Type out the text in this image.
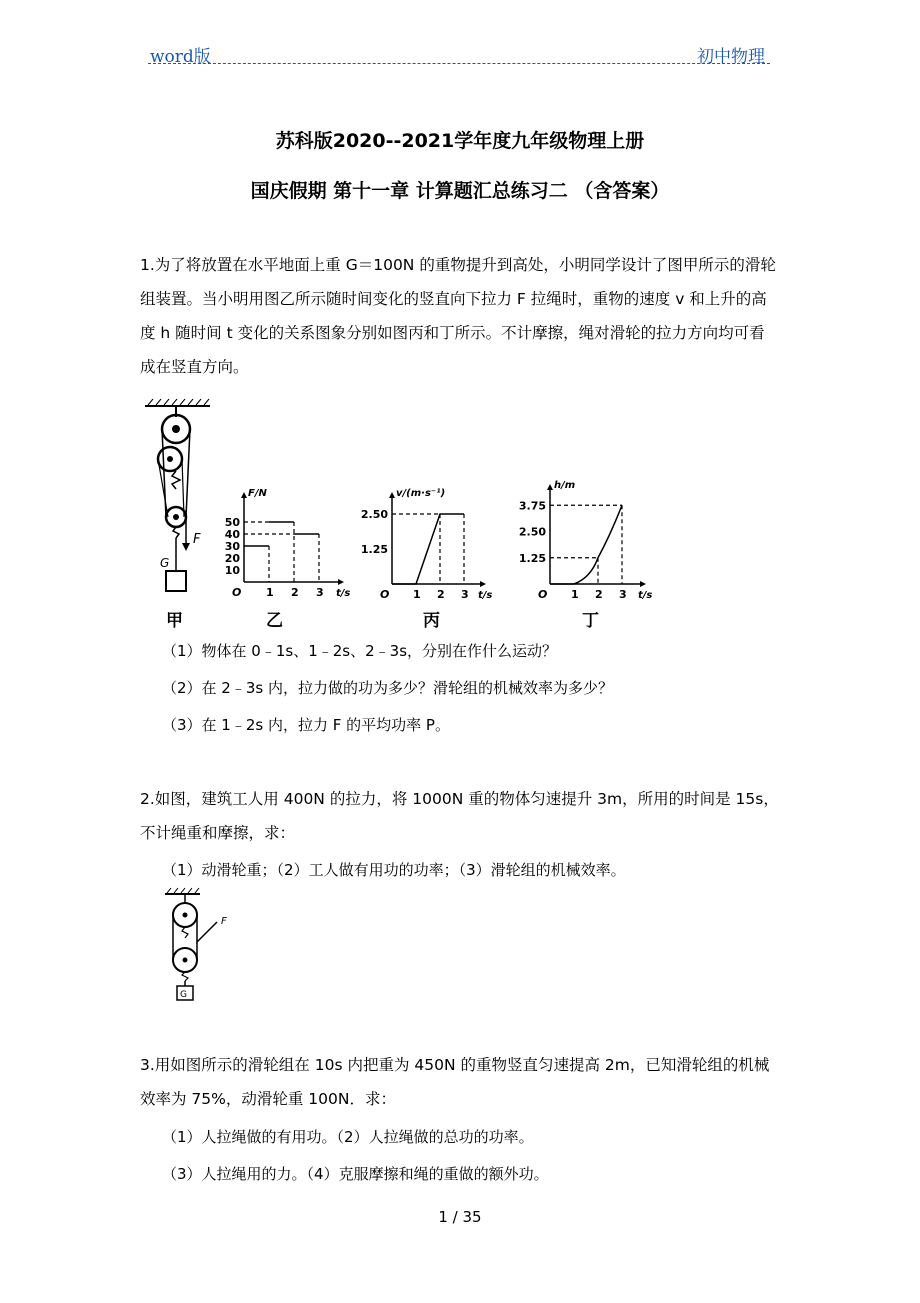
word版	初中物理
苏科版2020--2021学年度九年级物理上册
国庆假期 第十一章 计算题汇总练习二 （含答案）
1.为了将放置在水平地面上重 G＝100N 的重物提升到高处，小明同学设计了图甲所示的滑轮组装置。当小明用图乙所示随时间变化的竖直向下拉力 F 拉绳时，重物的速度 v 和上升的高度 h 随时间 t 变化的关系图象分别如图丙和丁所示。不计摩擦，绳对滑轮的拉力方向均可看成在竖直方向。
F
G
甲
O
F/N
t/s
1 2 3
10
20
30
40
50
乙
O
v/(m·s⁻¹)
t/s
1 2 3
1.25
2.50
丙
O
h/m
t/s
1 2 3
1.25
2.50
3.75
丁
（1）物体在 0﹣1s、1﹣2s、2﹣3s，分别在作什么运动？
（2）在 2﹣3s 内，拉力做的功为多少？滑轮组的机械效率为多少？
（3）在 1﹣2s 内，拉力 F 的平均功率 P。
2.如图，建筑工人用 400N 的拉力，将 1000N 重的物体匀速提升 3m，所用的时间是 15s，不计绳重和摩擦，求：
（1）动滑轮重；（2）工人做有用功的功率；（3）滑轮组的机械效率。
F
G
3.用如图所示的滑轮组在 10s 内把重为 450N 的重物竖直匀速提高 2m，已知滑轮组的机械效率为 75%，动滑轮重 100N．求：
（1）人拉绳做的有用功。（2）人拉绳做的总功的功率。
（3）人拉绳用的力。（4）克服摩擦和绳的重做的额外功。
1 / 35
